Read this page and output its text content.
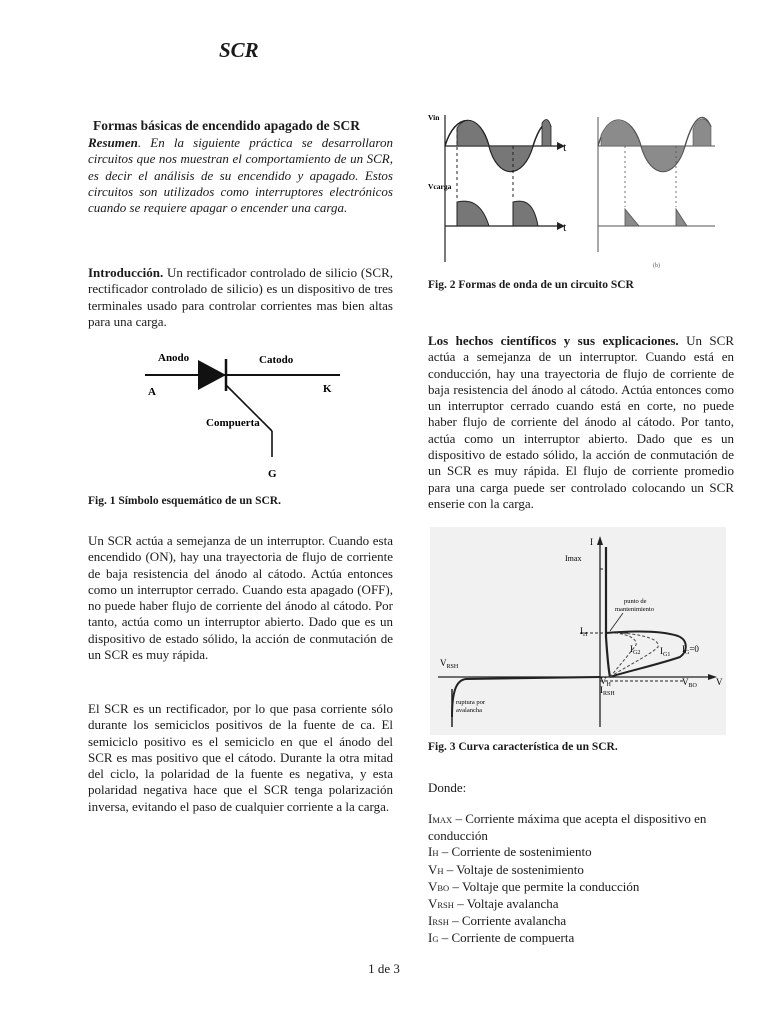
SCR
Formas básicas de encendido apagado de SCR
Resumen. En la siguiente práctica se desarrollaron circuitos que nos muestran el comportamiento de un SCR, es decir el análisis de su encendido y apagado. Estos circuitos son utilizados como interruptores electrónicos cuando se requiere apagar o encender una carga.
Introducción. Un rectificador controlado de silicio (SCR, rectificador controlado de silicio) es un dispositivo de tres terminales usado para controlar corrientes mas bien altas para una carga.
Anodo	Catodo
A	K
Compuerta
G
Fig. 1 Símbolo esquemático de un SCR.
Un SCR actúa a semejanza de un interruptor. Cuando esta encendido (ON), hay una trayectoria de flujo de corriente de baja resistencia del ánodo al cátodo. Actúa entonces como un interruptor cerrado. Cuando esta apagado (OFF), no puede haber flujo de corriente del ánodo al cátodo. Por tanto, actúa como un interruptor abierto. Dado que es un dispositivo de estado sólido, la acción de conmutación de un SCR es muy rápida.
El SCR es un rectificador, por lo que pasa corriente sólo durante los semiciclos positivos de la fuente de ca. El semiciclo positivo es el semiciclo en que el ánodo del SCR es mas positivo que el cátodo. Durante la otra mitad del ciclo, la polaridad de la fuente es negativa, y esta polaridad negativa hace que el SCR tenga polarización inversa, evitando el paso de cualquier corriente a la carga.
Vin
Vcarga
t
t
(b)
Fig. 2 Formas de onda de un circuito SCR
Los hechos científicos y sus explicaciones. Un SCR actúa a semejanza de un interruptor. Cuando está en conducción, hay una trayectoria de flujo de corriente de baja resistencia del ánodo al cátodo. Actúa entonces como un interruptor cerrado cuando está en corte, no puede haber flujo de corriente del ánodo al cátodo. Por tanto, actúa como un interruptor abierto. Dado que es un dispositivo de estado sólido, la acción de conmutación de un SCR es muy rápida. El flujo de corriente promedio para una carga puede ser controlado colocando un SCR enserie con la carga.
I
Imax
punto de
mantenimiento
$I_H$
$I_{G2}$ $I_{G1}$
$I_G=0$
$V_{RSH}$
$V_H$
$I_{RSH}$
$V_{BO}$ V
ruptura por
avalancha
Fig. 3 Curva característica de un SCR.
Donde:
IMAX – Corriente máxima que acepta el dispositivo en conducción
IH – Corriente de sostenimiento
VH – Voltaje de sostenimiento
VBO – Voltaje que permite la conducción
VRSH – Voltaje avalancha
IRSH – Corriente avalancha
IG – Corriente de compuerta
1 de 3
